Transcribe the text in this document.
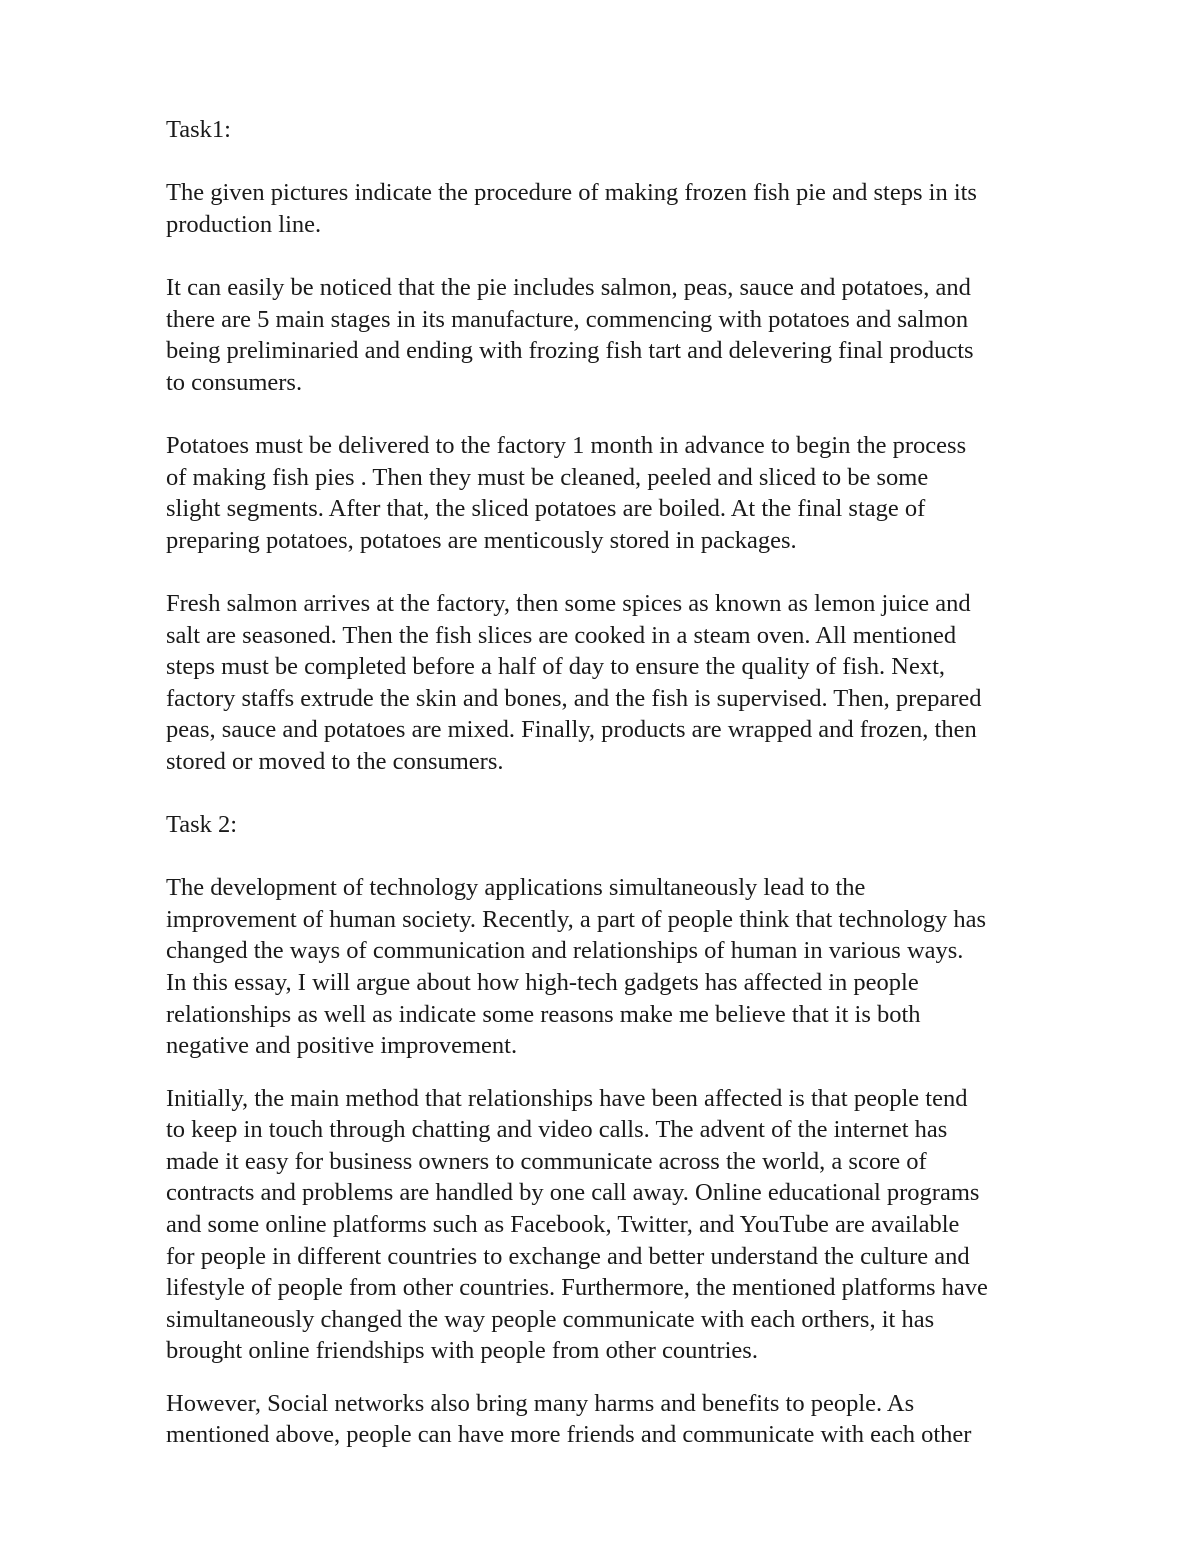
Task1:

The given pictures indicate the procedure of making frozen fish pie and steps in its
production line.

It can easily be noticed that the pie includes salmon, peas, sauce and potatoes, and
there are 5 main stages in its manufacture, commencing with potatoes and salmon
being preliminaried and ending with frozing fish tart and delevering final products
to consumers.

Potatoes must be delivered to the factory 1 month in advance to begin the process
of making fish pies . Then they must be cleaned, peeled and sliced to be some
slight segments. After that, the sliced potatoes are boiled. At the final stage of
preparing potatoes, potatoes are menticously stored in packages.

Fresh salmon arrives at the factory, then some spices as known as lemon juice and
salt are seasoned. Then the fish slices are cooked in a steam oven. All mentioned
steps must be completed before a half of day to ensure the quality of fish. Next,
factory staffs extrude the skin and bones, and the fish is supervised. Then, prepared
peas, sauce and potatoes are mixed. Finally, products are wrapped and frozen, then
stored or moved to the consumers.

Task 2:

The development of technology applications simultaneously lead to the
improvement of human society. Recently, a part of people think that technology has
changed the ways of communication and relationships of human in various ways.
In this essay, I will argue about how high-tech gadgets has affected in people
relationships as well as indicate some reasons make me believe that it is both
negative and positive improvement.

Initially, the main method that relationships have been affected is that people tend
to keep in touch through chatting and video calls. The advent of the internet has
made it easy for business owners to communicate across the world, a score of
contracts and problems are handled by one call away. Online educational programs
and some online platforms such as Facebook, Twitter, and YouTube are available
for people in different countries to exchange and better understand the culture and
lifestyle of people from other countries. Furthermore, the mentioned platforms have
simultaneously changed the way people communicate with each orthers, it has
brought online friendships with people from other countries.

However, Social networks also bring many harms and benefits to people. As
mentioned above, people can have more friends and communicate with each other
